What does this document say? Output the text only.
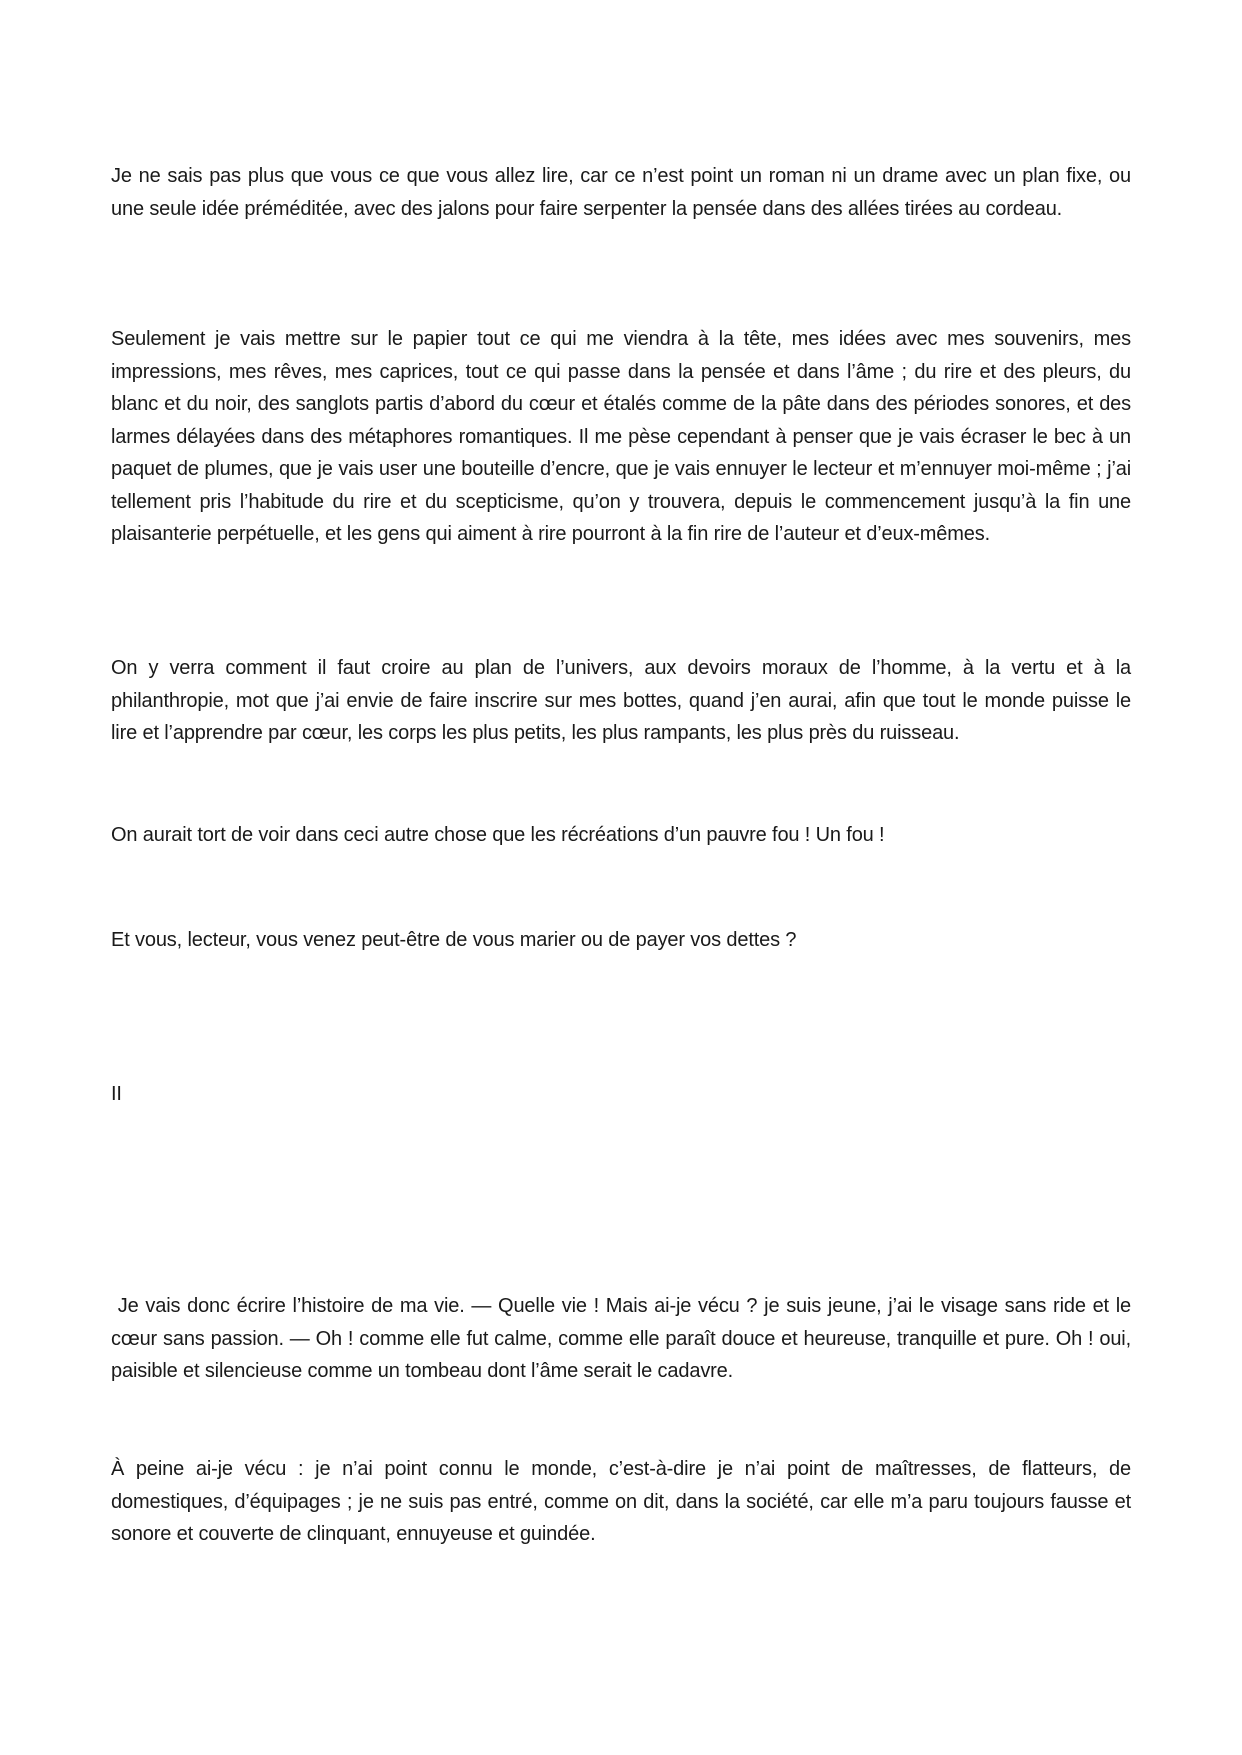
Je ne sais pas plus que vous ce que vous allez lire, car ce n’est point un roman ni un drame avec un plan fixe, ou une seule idée préméditée, avec des jalons pour faire serpenter la pensée dans des allées tirées au cordeau.

Seulement je vais mettre sur le papier tout ce qui me viendra à la tête, mes idées avec mes souvenirs, mes impressions, mes rêves, mes caprices, tout ce qui passe dans la pensée et dans l’âme ; du rire et des pleurs, du blanc et du noir, des sanglots partis d’abord du cœur et étalés comme de la pâte dans des périodes sonores, et des larmes délayées dans des métaphores romantiques. Il me pèse cependant à penser que je vais écraser le bec à un paquet de plumes, que je vais user une bouteille d’encre, que je vais ennuyer le lecteur et m’ennuyer moi-même ; j’ai tellement pris l’habitude du rire et du scepticisme, qu’on y trouvera, depuis le commencement jusqu’à la fin une plaisanterie perpétuelle, et les gens qui aiment à rire pourront à la fin rire de l’auteur et d’eux-mêmes.

On y verra comment il faut croire au plan de l’univers, aux devoirs moraux de l’homme, à la vertu et à la philanthropie, mot que j’ai envie de faire inscrire sur mes bottes, quand j’en aurai, afin que tout le monde puisse le lire et l’apprendre par cœur, les corps les plus petits, les plus rampants, les plus près du ruisseau.

On aurait tort de voir dans ceci autre chose que les récréations d’un pauvre fou ! Un fou !

Et vous, lecteur, vous venez peut-être de vous marier ou de payer vos dettes ?

II

Je vais donc écrire l’histoire de ma vie. — Quelle vie ! Mais ai-je vécu ? je suis jeune, j’ai le visage sans ride et le cœur sans passion. — Oh ! comme elle fut calme, comme elle paraît douce et heureuse, tranquille et pure. Oh ! oui, paisible et silencieuse comme un tombeau dont l’âme serait le cadavre.

À peine ai-je vécu : je n’ai point connu le monde, c’est-à-dire je n’ai point de maîtresses, de flatteurs, de domestiques, d’équipages ; je ne suis pas entré, comme on dit, dans la société, car elle m’a paru toujours fausse et sonore et couverte de clinquant, ennuyeuse et guindée.
